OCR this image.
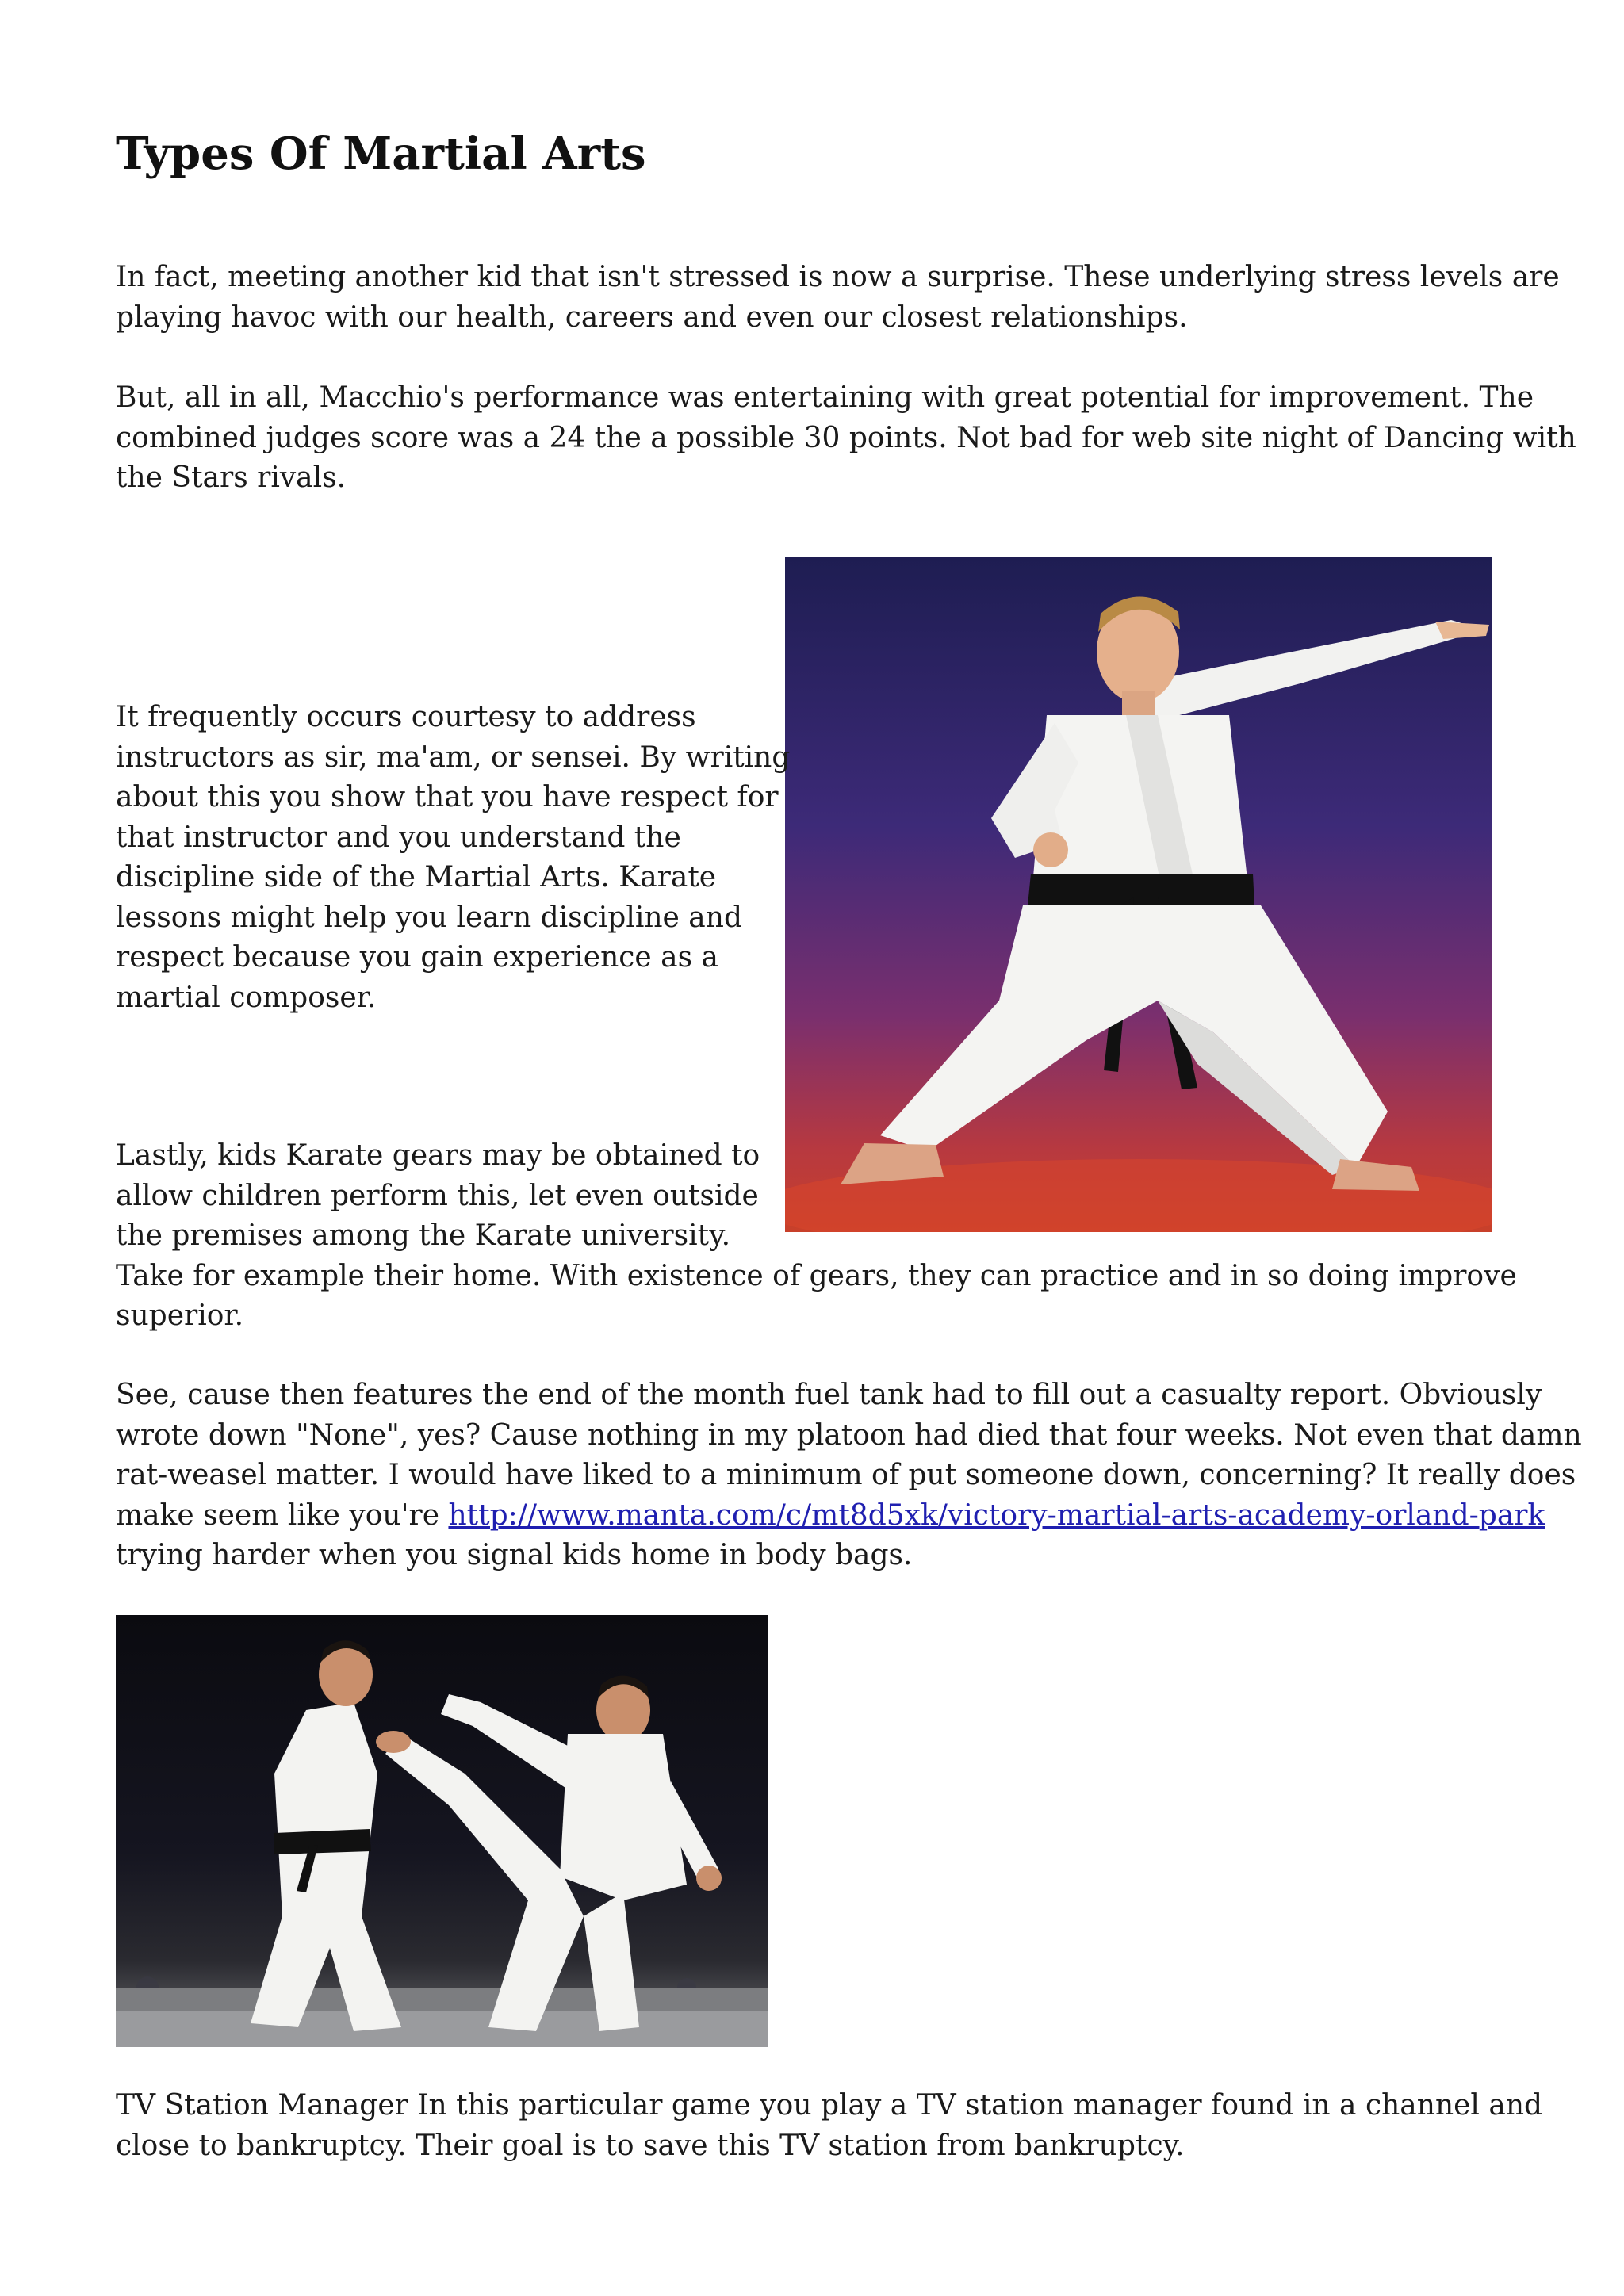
Types Of Martial Arts

In fact, meeting another kid that isn't stressed is now a surprise. These underlying stress levels are
playing havoc with our health, careers and even our closest relationships.

But, all in all, Macchio's performance was entertaining with great potential for improvement. The
combined judges score was a 24 the a possible 30 points. Not bad for web site night of Dancing with
the Stars rivals.

It frequently occurs courtesy to address
instructors as sir, ma'am, or sensei. By writing
about this you show that you have respect for
that instructor and you understand the
discipline side of the Martial Arts. Karate
lessons might help you learn discipline and
respect because you gain experience as a
martial composer.

Lastly, kids Karate gears may be obtained to
allow children perform this, let even outside
the premises among the Karate university.
Take for example their home. With existence of gears, they can practice and in so doing improve
superior.

See, cause then features the end of the month fuel tank had to fill out a casualty report. Obviously
wrote down "None", yes? Cause nothing in my platoon had died that four weeks. Not even that damn
rat-weasel matter. I would have liked to a minimum of put someone down, concerning? It really does
make seem like you're http://www.manta.com/c/mt8d5xk/victory-martial-arts-academy-orland-park
trying harder when you signal kids home in body bags.

TV Station Manager In this particular game you play a TV station manager found in a channel and
close to bankruptcy. Their goal is to save this TV station from bankruptcy.
